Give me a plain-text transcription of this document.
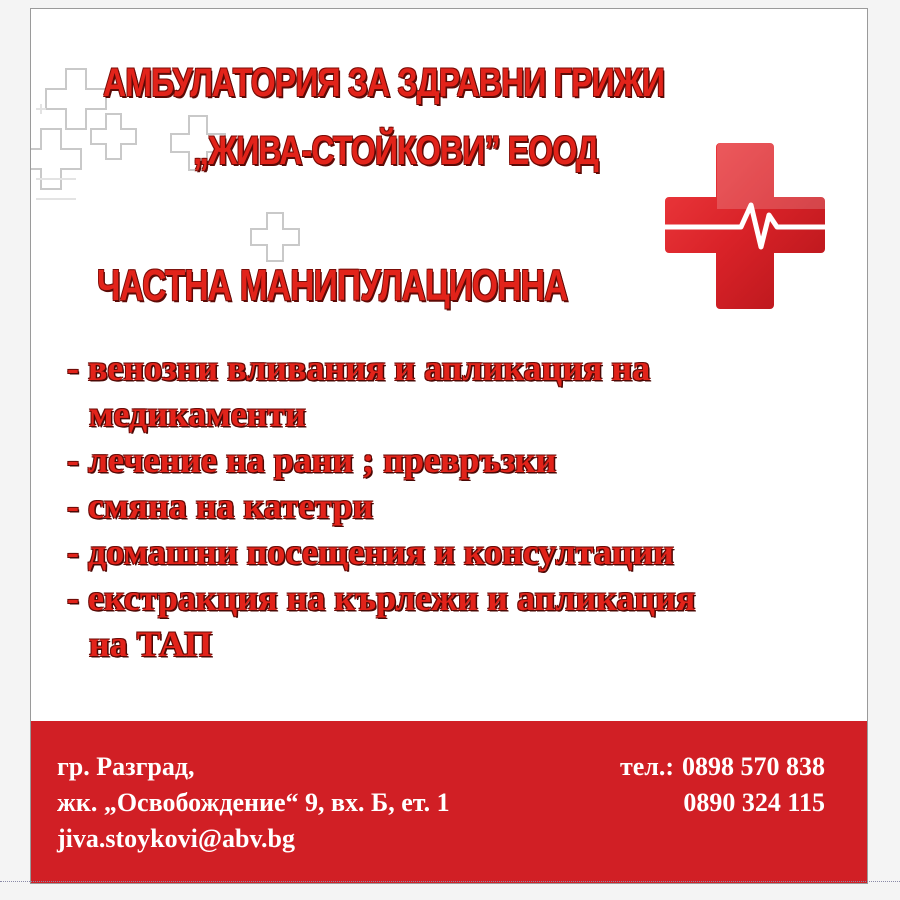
АМБУЛАТОРИЯ ЗА ЗДРАВНИ ГРИЖИ
„ЖИВА-СТОЙКОВИ” ЕООД
ЧАСТНА МАНИПУЛАЦИОННА
- венозни вливания и апликация на
медикаменти
- лечение на рани ; превръзки
- смяна на катетри
- домашни посещения и консултации
- екстракция на кърлежи и апликация
на ТАП
гр. Разград,
жк. „Освобождение“ 9, вх. Б, ет. 1
jiva.stoykovi@abv.bg
тел.: 0898 570 838
0890 324 115
